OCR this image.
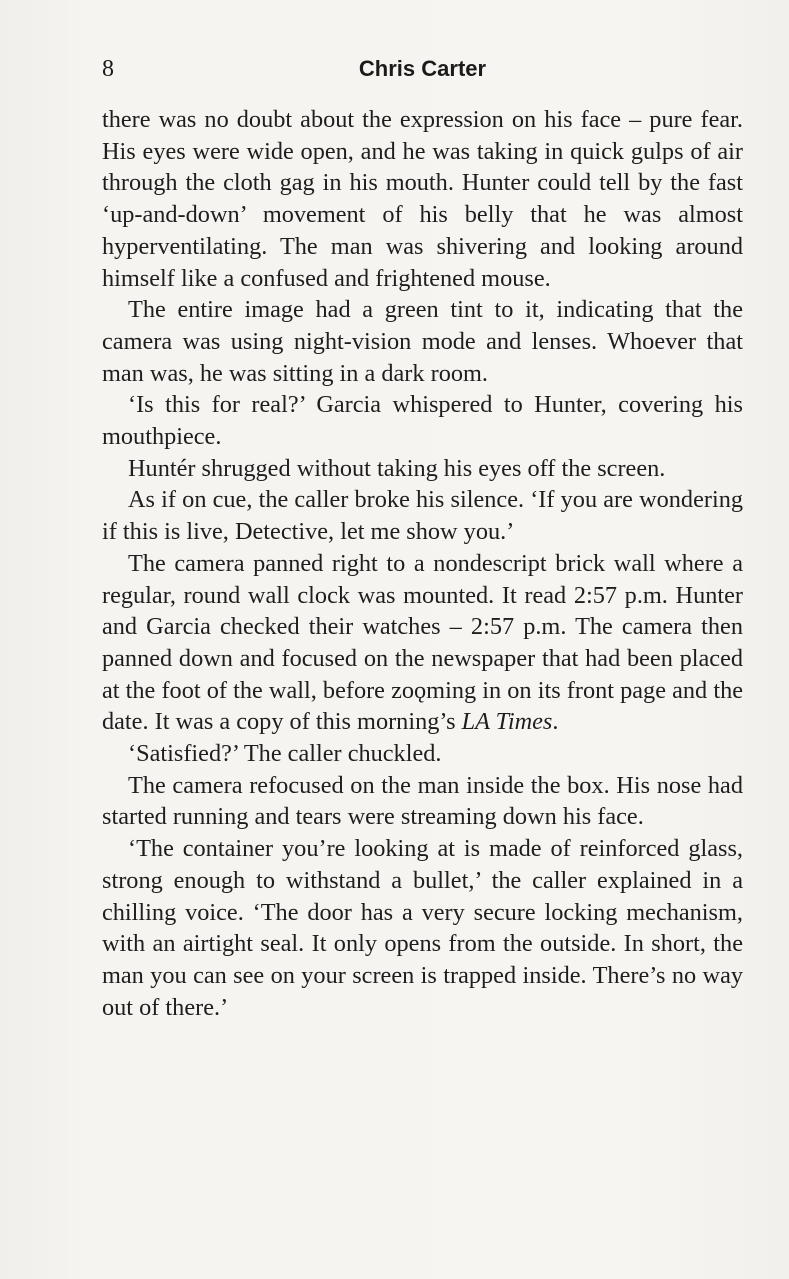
8	Chris Carter

there was no doubt about the expression on his face – pure fear. His eyes were wide open, and he was taking in quick gulps of air through the cloth gag in his mouth. Hunter could tell by the fast ‘up-and-down’ movement of his belly that he was almost hyperventilating. The man was shivering and looking around himself like a confused and frightened mouse.

The entire image had a green tint to it, indicating that the camera was using night-vision mode and lenses. Whoever that man was, he was sitting in a dark room.

‘Is this for real?’ Garcia whispered to Hunter, covering his mouthpiece.

Huntér shrugged without taking his eyes off the screen.

As if on cue, the caller broke his silence. ‘If you are wondering if this is live, Detective, let me show you.’

The camera panned right to a nondescript brick wall where a regular, round wall clock was mounted. It read 2:57 p.m. Hunter and Garcia checked their watches – 2:57 p.m. The camera then panned down and focused on the newspaper that had been placed at the foot of the wall, before zoǫming in on its front page and the date. It was a copy of this morning’s LA Times.

‘Satisfied?’ The caller chuckled.

The camera refocused on the man inside the box. His nose had started running and tears were streaming down his face.

‘The container you’re looking at is made of reinforced glass, strong enough to withstand a bullet,’ the caller explained in a chilling voice. ‘The door has a very secure locking mechanism, with an airtight seal. It only opens from the outside. In short, the man you can see on your screen is trapped inside. There’s no way out of there.’
